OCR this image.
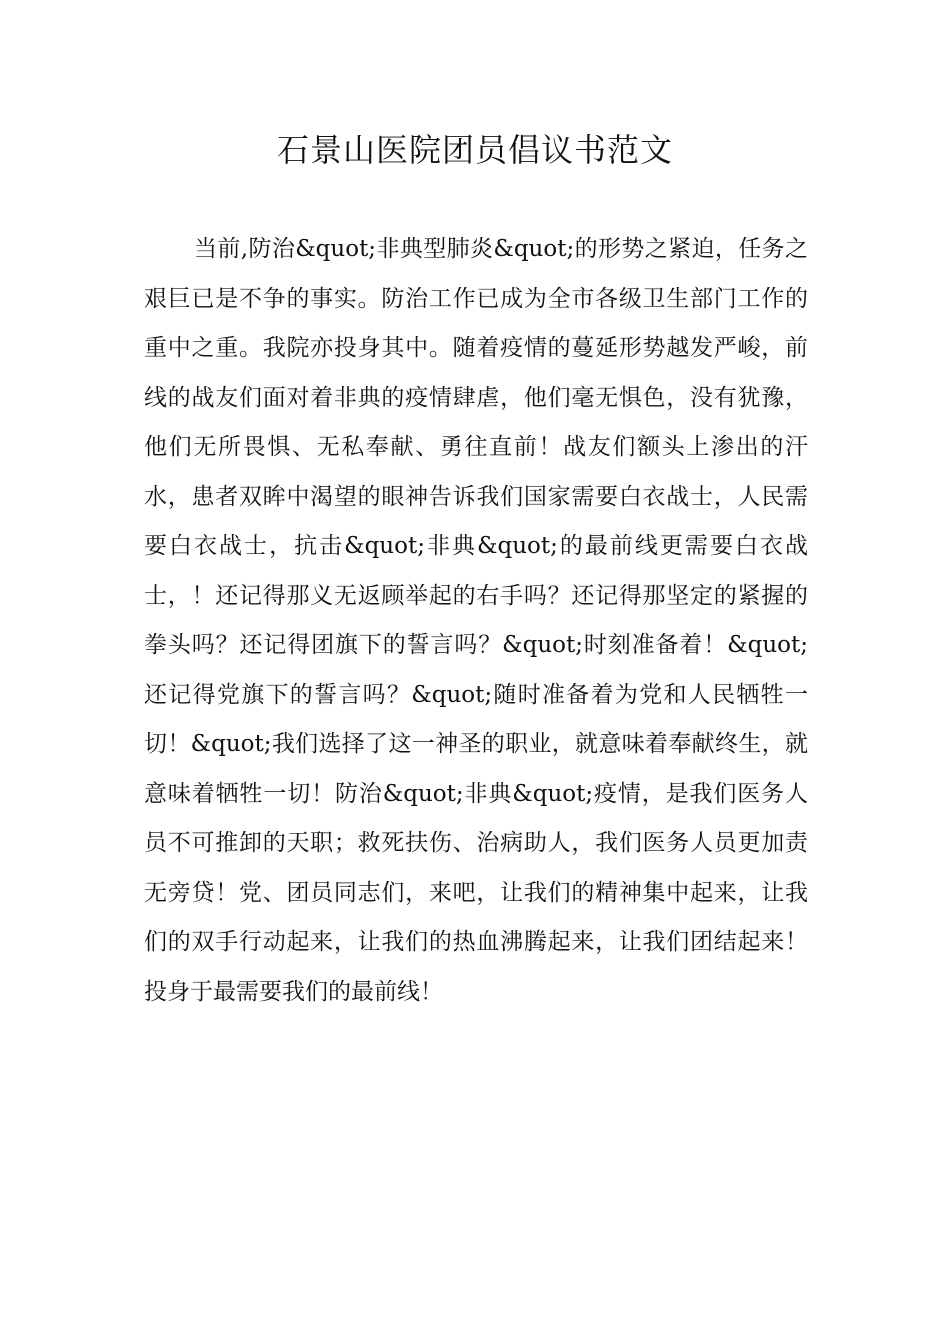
石景山医院团员倡议书范文

当前,防治&quot;非典型肺炎&quot;的形势之紧迫，任务之艰巨已是不争的事实。防治工作已成为全市各级卫生部门工作的重中之重。我院亦投身其中。随着疫情的蔓延形势越发严峻，前线的战友们面对着非典的疫情肆虐，他们毫无惧色，没有犹豫，他们无所畏惧、无私奉献、勇往直前！战友们额头上渗出的汗水，患者双眸中渴望的眼神告诉我们国家需要白衣战士，人民需要白衣战士，抗击&quot;非典&quot;的最前线更需要白衣战士，！还记得那义无返顾举起的右手吗？还记得那坚定的紧握的拳头吗？还记得团旗下的誓言吗？&quot;时刻准备着！&quot;还记得党旗下的誓言吗？&quot;随时准备着为党和人民牺牲一切！&quot;我们选择了这一神圣的职业，就意味着奉献终生，就意味着牺牲一切！防治&quot;非典&quot;疫情，是我们医务人员不可推卸的天职；救死扶伤、治病助人，我们医务人员更加责无旁贷！党、团员同志们，来吧，让我们的精神集中起来，让我们的双手行动起来，让我们的热血沸腾起来，让我们团结起来！投身于最需要我们的最前线！
